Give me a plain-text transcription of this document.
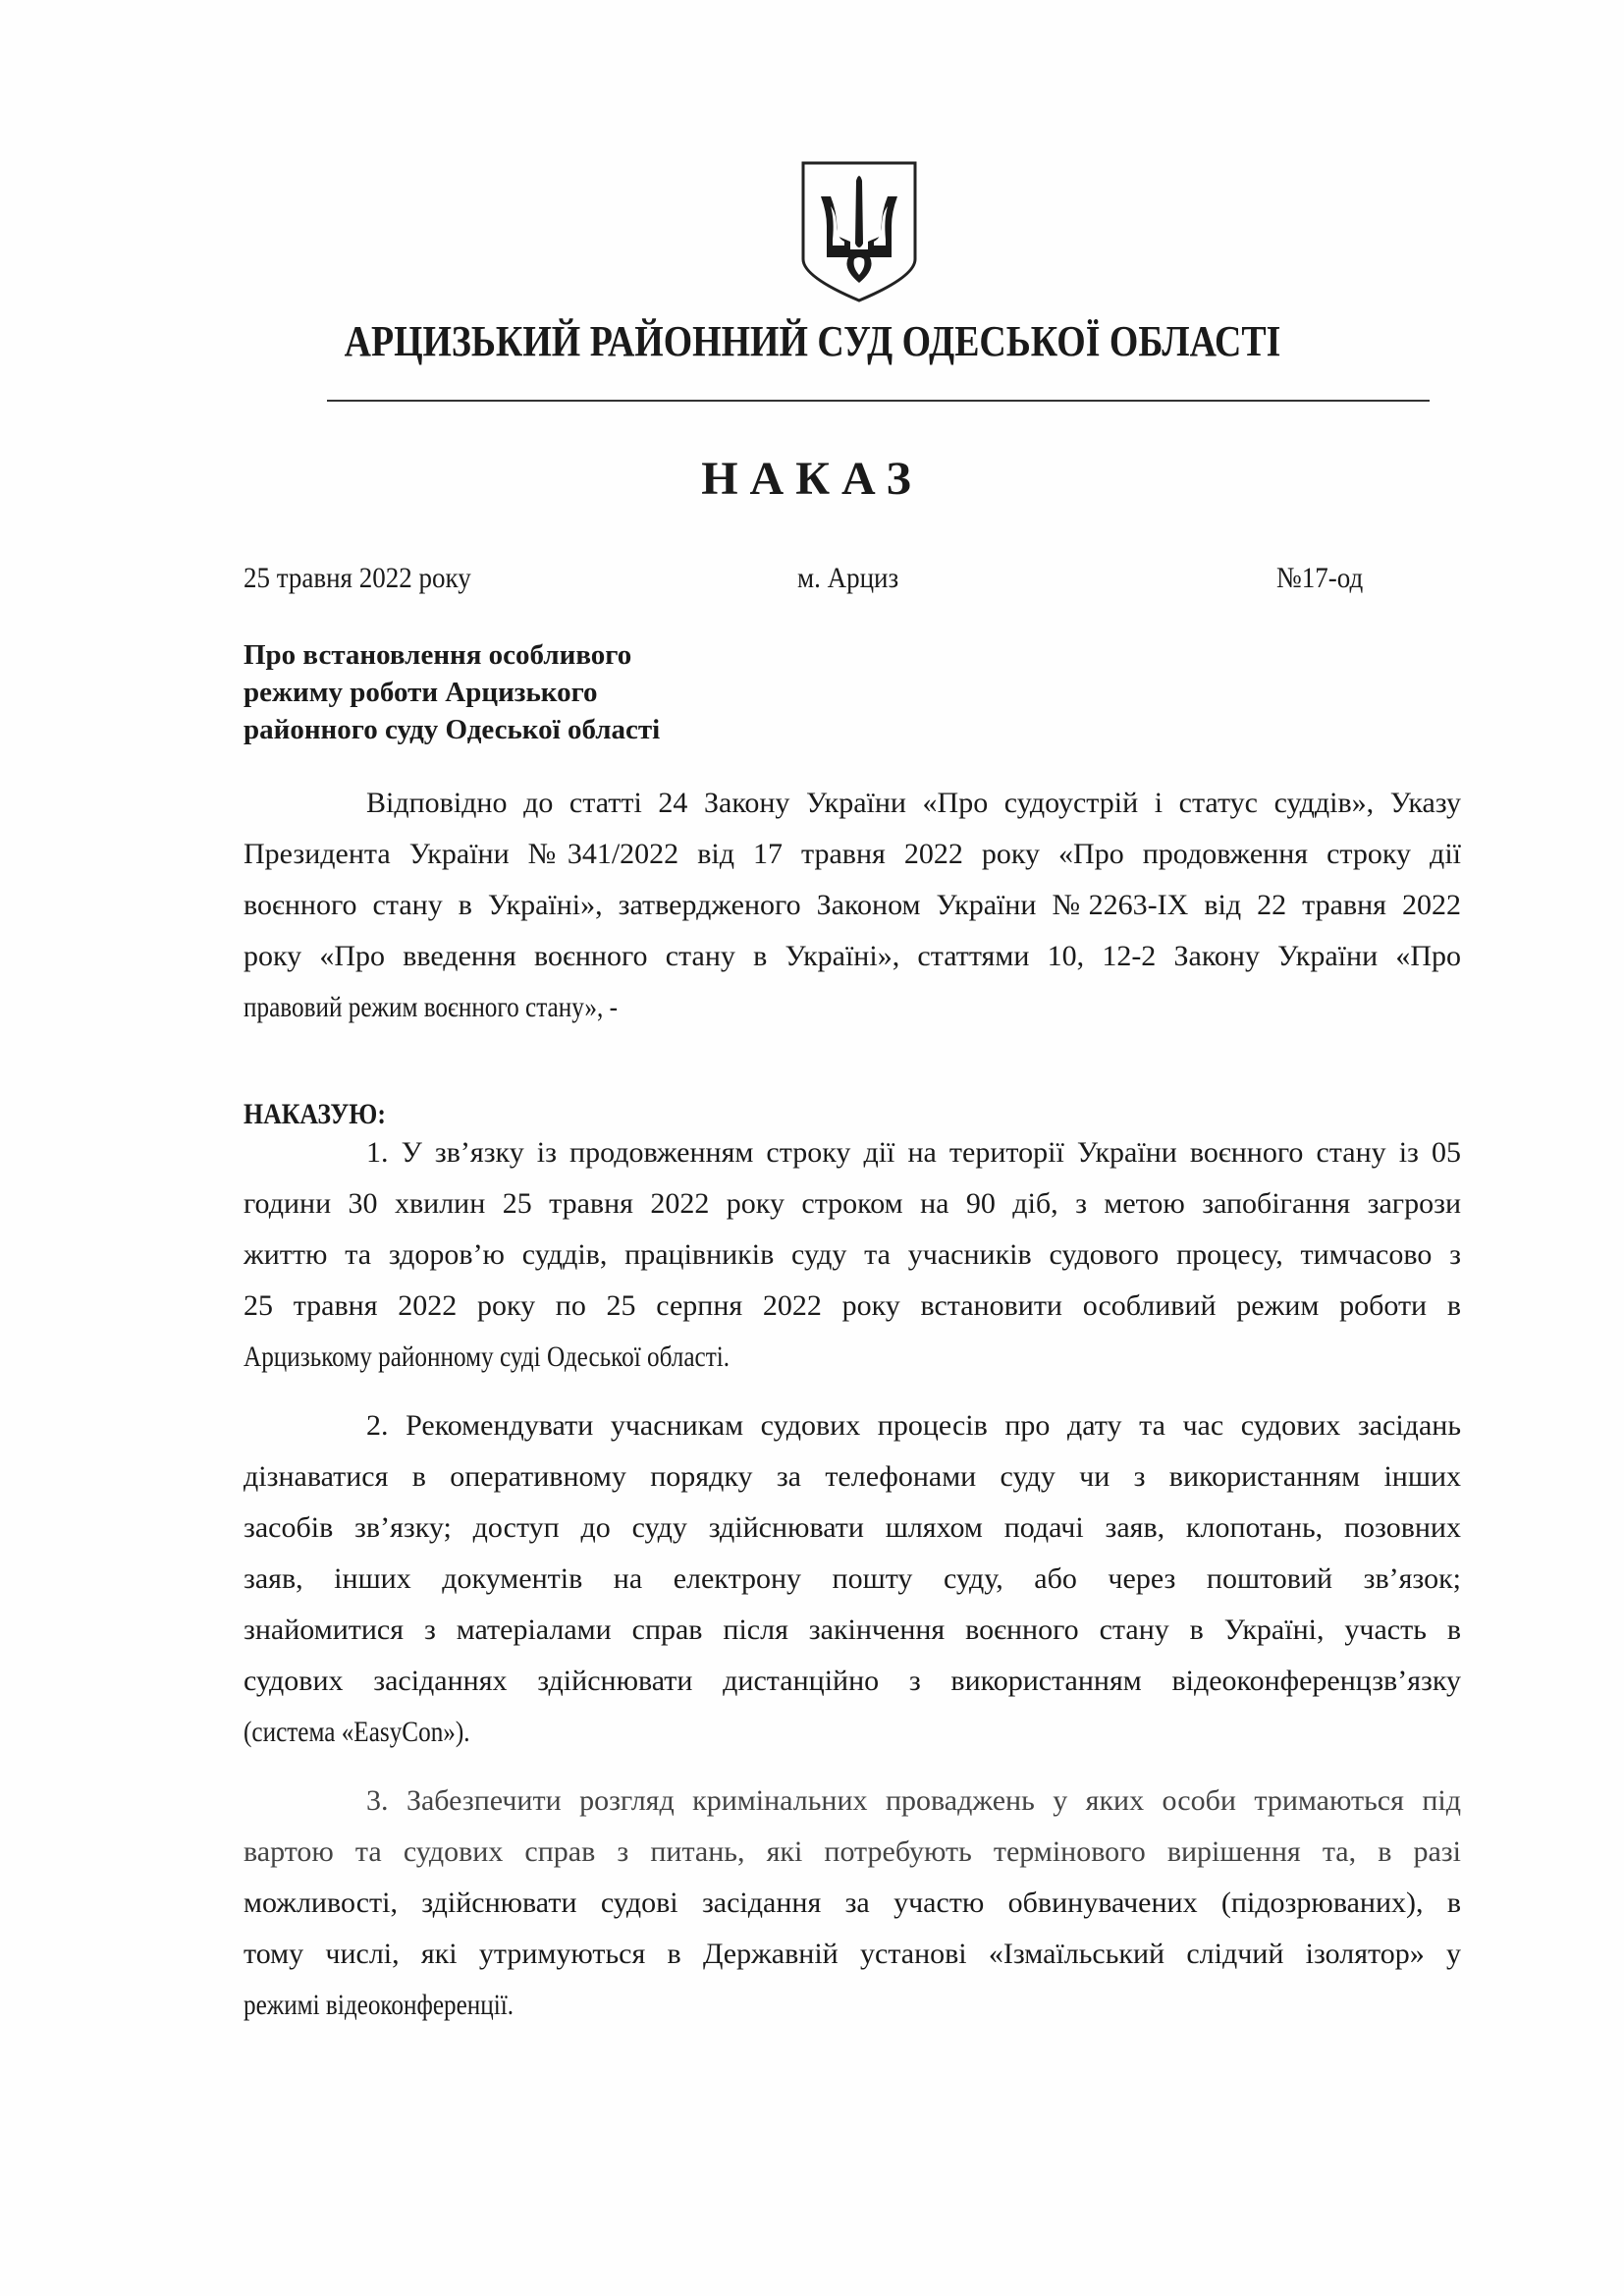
АРЦИЗЬКИЙ РАЙОННИЙ СУД ОДЕСЬКОЇ ОБЛАСТІ
НАКАЗ
25 травня 2022 року	м. Арциз	№17-од
Про встановлення особливого
режиму роботи Арцизького
районного суду Одеської області
Відповідно до статті 24 Закону України «Про судоустрій і статус суддів», Указу
Президента України №341/2022 від 17 травня 2022 року «Про продовження строку дії
воєнного стану в Україні», затвердженого Законом України №2263-IX від 22 травня 2022
року «Про введення воєнного стану в Україні», статтями 10, 12-2 Закону України «Про
правовий режим воєнного стану», -
НАКАЗУЮ:
1. У зв’язку із продовженням строку дії на території України воєнного стану із 05
години 30 хвилин 25 травня 2022 року строком на 90 діб, з метою запобігання загрози
життю та здоров’ю суддів, працівників суду та учасників судового процесу, тимчасово з
25 травня 2022 року по 25 серпня 2022 року встановити особливий режим роботи в
Арцизькому районному суді Одеської області.
2. Рекомендувати учасникам судових процесів про дату та час судових засідань
дізнаватися в оперативному порядку за телефонами суду чи з використанням інших
засобів зв’язку; доступ до суду здійснювати шляхом подачі заяв, клопотань, позовних
заяв, інших документів на електрону пошту суду, або через поштовий зв’язок;
знайомитися з матеріалами справ після закінчення воєнного стану в Україні, участь в
судових засіданнях здійснювати дистанційно з використанням відеоконференцзв’язку
(система «EasyCon»).
3. Забезпечити розгляд кримінальних проваджень у яких особи тримаються під
вартою та судових справ з питань, які потребують термінового вирішення та, в разі
можливості, здійснювати судові засідання за участю обвинувачених (підозрюваних), в
тому числі, які утримуються в Державній установі «Ізмаїльський слідчий ізолятор» у
режимі відеоконференції.
